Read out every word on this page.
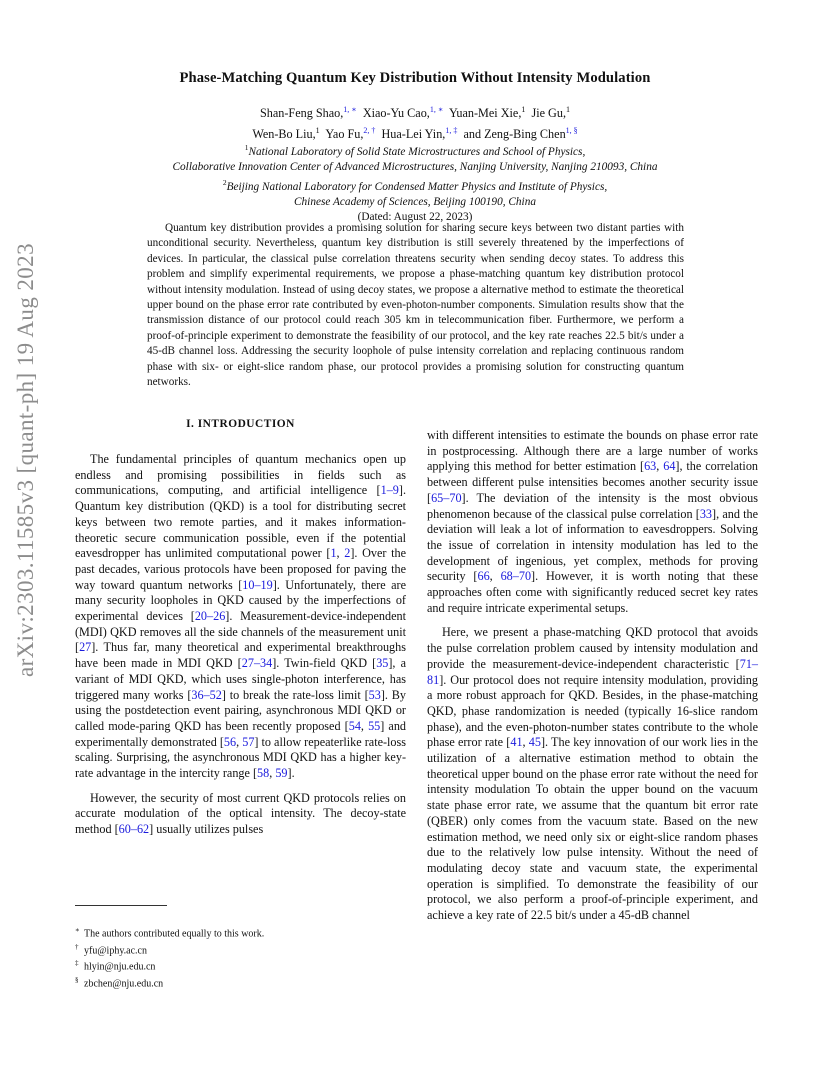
arXiv:2303.11585v3 [quant-ph] 19 Aug 2023
Phase-Matching Quantum Key Distribution Without Intensity Modulation
Shan-Feng Shao,$^{1, ∗}$ Xiao-Yu Cao,$^{1, ∗}$ Yuan-Mei Xie,$^1$ Jie Gu,$^1$
Wen-Bo Liu,$^1$ Yao Fu,$^{2, \dagger}$ Hua-Lei Yin,$^{1, \ddagger}$ and Zeng-Bing Chen$^{1, \S}$
$^1$National Laboratory of Solid State Microstructures and School of Physics,
Collaborative Innovation Center of Advanced Microstructures, Nanjing University, Nanjing 210093, China
$^2$Beijing National Laboratory for Condensed Matter Physics and Institute of Physics,
Chinese Academy of Sciences, Beijing 100190, China
(Dated: August 22, 2023)
Quantum key distribution provides a promising solution for sharing secure keys between two distant parties with unconditional security. Nevertheless, quantum key distribution is still severely threatened by the imperfections of devices. In particular, the classical pulse correlation threatens security when sending decoy states. To address this problem and simplify experimental requirements, we propose a phase-matching quantum key distribution protocol without intensity modulation. Instead of using decoy states, we propose a alternative method to estimate the theoretical upper bound on the phase error rate contributed by even-photon-number components. Simulation results show that the transmission distance of our protocol could reach 305 km in telecommunication fiber. Furthermore, we perform a proof-of-principle experiment to demonstrate the feasibility of our protocol, and the key rate reaches 22.5 bit/s under a 45-dB channel loss. Addressing the security loophole of pulse intensity correlation and replacing continuous random phase with six- or eight-slice random phase, our protocol provides a promising solution for constructing quantum networks.
I. INTRODUCTION

The fundamental principles of quantum mechanics open up endless and promising possibilities in fields such as communications, computing, and artificial intelligence [1–9]. Quantum key distribution (QKD) is a tool for distributing secret keys between two remote parties, and it makes information-theoretic secure communication possible, even if the potential eavesdropper has unlimited computational power [1, 2]. Over the past decades, various protocols have been proposed for paving the way toward quantum networks [10–19]. Unfortunately, there are many security loopholes in QKD caused by the imperfections of experimental devices [20–26]. Measurement-device-independent (MDI) QKD removes all the side channels of the measurement unit [27]. Thus far, many theoretical and experimental breakthroughs have been made in MDI QKD [27–34]. Twin-field QKD [35], a variant of MDI QKD, which uses single-photon interference, has triggered many works [36–52] to break the rate-loss limit [53]. By using the postdetection event pairing, asynchronous MDI QKD or called mode-paring QKD has been recently proposed [54, 55] and experimentally demonstrated [56, 57] to allow repeaterlike rate-loss scaling. Surprising, the asynchronous MDI QKD has a higher key-rate advantage in the intercity range [58, 59].

However, the security of most current QKD protocols relies on accurate modulation of the optical intensity. The decoy-state method [60–62] usually utilizes pulses

with different intensities to estimate the bounds on phase error rate in postprocessing. Although there are a large number of works applying this method for better estimation [63, 64], the correlation between different pulse intensities becomes another security issue [65–70]. The deviation of the intensity is the most obvious phenomenon because of the classical pulse correlation [33], and the deviation will leak a lot of information to eavesdroppers. Solving the issue of correlation in intensity modulation has led to the development of ingenious, yet complex, methods for proving security [66, 68–70]. However, it is worth noting that these approaches often come with significantly reduced secret key rates and require intricate experimental setups.

Here, we present a phase-matching QKD protocol that avoids the pulse correlation problem caused by intensity modulation and provide the measurement-device-independent characteristic [71–81]. Our protocol does not require intensity modulation, providing a more robust approach for QKD. Besides, in the phase-matching QKD, phase randomization is needed (typically 16-slice random phase), and the even-photon-number states contribute to the whole phase error rate [41, 45]. The key innovation of our work lies in the utilization of a alternative estimation method to obtain the theoretical upper bound on the phase error rate without the need for intensity modulation To obtain the upper bound on the vacuum state phase error rate, we assume that the quantum bit error rate (QBER) only comes from the vacuum state. Based on the new estimation method, we need only six or eight-slice random phases due to the relatively low pulse intensity. Without the need of modulating decoy state and vacuum state, the experimental operation is simplified. To demonstrate the feasibility of our protocol, we also perform a proof-of-principle experiment, and achieve a key rate of 22.5 bit/s under a 45-dB channel

∗ The authors contributed equally to this work.
† yfu@iphy.ac.cn
‡ hlyin@nju.edu.cn
§ zbchen@nju.edu.cn
